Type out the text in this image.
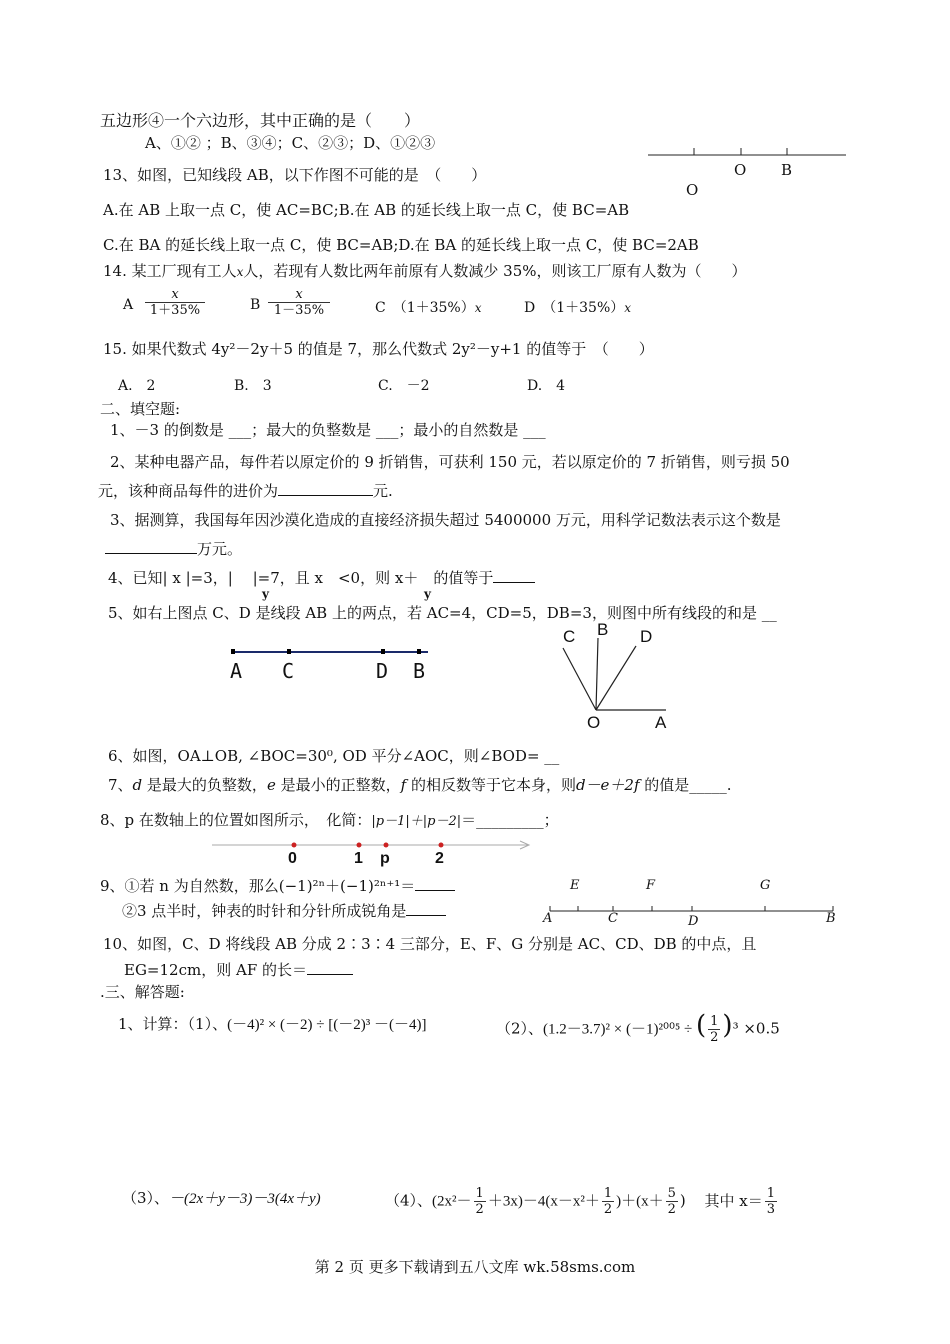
五边形④一个六边形，其中正确的是（　　）
A、①② ；B、③④；C、②③；D、①②③
O
O B
13、如图，已知线段 AB，以下作图不可能的是　（　　）
A.在 AB 上取一点 C，使 AC=BC;B.在 AB 的延长线上取一点 C，使 BC=AB
C.在 BA 的延长线上取一点 C，使 BC=AB;D.在 BA 的延长线上取一点 C，使 BC=2AB
14. 某工厂现有工人x人，若现有人数比两年前原有人数减少 35%，则该工厂原有人数为（　　）
A $\frac{x}{1+35\%}$	B $\frac{x}{1-35\%}$	C　（1＋35%）x	D　（1＋35%）x
15. 如果代数式 4y²－2y＋5 的值是 7，那么代数式 2y²－y+1 的值等于　（　　）
A.　2	B.　3	C.　－2	D.　4
二、填空题:
1、－3 的倒数是 ___；最大的负整数是 ___；最小的自然数是 ___
2、某种电器产品，每件若以原定价的 9 折销售，可获利 150 元，若以原定价的 7 折销售，则亏损 50
元，该种商品每件的进价为	元.
3、据测算，我国每年因沙漠化造成的直接经济损失超过 5400000 万元，用科学记数法表示这个数是
万元。
4、已知| x |=3，|　 |=7，且 x　<0，则 x＋　的值等于
y	y
5、如右上图点 C、D 是线段 AB 上的两点，若 AC=4，CD=5，DB=3，则图中所有线段的和是 __
A C	D B
C B D
O	A
6、如图，OA⊥OB, ∠BOC=30⁰, OD 平分∠AOC，则∠BOD= __
7、d 是最大的负整数，e 是最小的正整数，f 的相反数等于它本身，则d－e＋2f 的值是_____.
8、p 在数轴上的位置如图所示，　化简：|p－1|＋|p－2|＝_________；
0	1 p	2
9、①若 n 为自然数，那么(−1)²ⁿ＋(−1)²ⁿ⁺¹＝
②3 点半时，钟表的时针和分针所成锐角是
E	F	G
A	C	D	B
10、如图，C、D 将线段 AB 分成 2∶3∶4 三部分，E、F、G 分别是 AC、CD、DB 的中点，且
EG=12cm，则 AF 的长＝
.三、解答题:
1、计算：（1）、(－4)² × (－2) ÷ [(－2)³ －(－4)]	（2）、(1.2－3.7)² × (－1)²⁰⁰⁵ ÷ ( $\frac{1}{2} )^3 \times 0.5$
（3）、－(2x＋y－3)－3(4x＋y)	（4）、$(2x^2- \frac{1}{2} +3x)-4(x-x^2+ \frac{1}{2} )+(x+ \frac{5}{2}$ ) 其中 $x= \frac{1}{3}$
第 2 页 更多下载请到五八文库 wk.58sms.com
